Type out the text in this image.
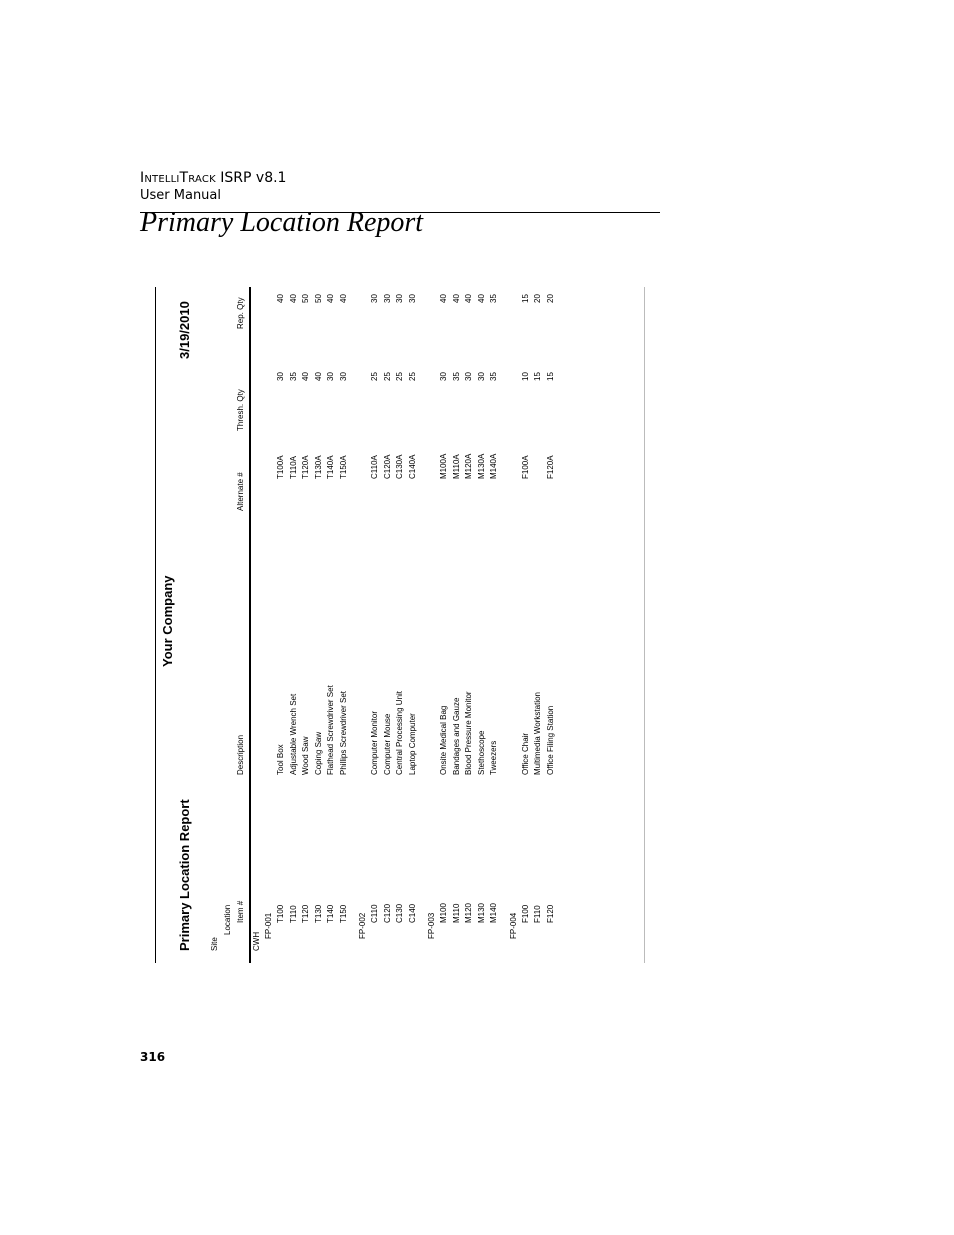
IntelliTrack ISRP v8.1
User Manual
Primary Location Report
Primary Location Report
Your Company
3/19/2010
Site
Location Item #
Description
Alternate #
Thresh. Qty
Rep. Qty
CWH
FP-001 T100
Tool Box
T100A
30
40
T110
Adjustable Wrench Set
T110A
35
40
T120
Wood Saw
T120A
40
50
T130
Coping Saw
T130A
40
50
T140
Flathead Screwdriver Set
T140A
30
40
T150
Phillips Screwdriver Set
T150A
30
40
FP-002 C110
Computer Monitor
C110A
25
30
C120
Computer Mouse
C120A
25
30
C130
Central Processing Unit
C130A
25
30
C140
Laptop Computer
C140A
25
30
FP-003 M100
Onsite Medical Bag
M100A
30
40
M110
Bandages and Gauze
M110A
35
40
M120
Blood Pressure Monitor
M120A
30
40
M130
Stethoscope
M130A
30
40
M140
Tweezers
M140A
35
35
FP-004 F100
Office Chair
F100A
10
15
F110
Multimedia Workstation
15
20
F120
Office Filing Station
F120A
15
20
316
